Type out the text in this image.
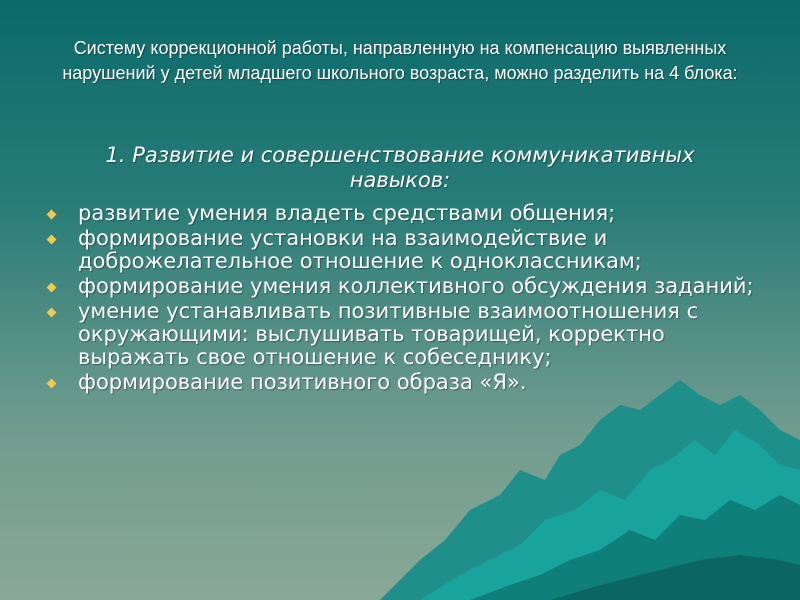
Систему коррекционной работы, направленную на компенсацию выявленных нарушений у детей младшего школьного возраста, можно разделить на 4 блока:
1. Развитие и совершенствование коммуникативных навыков:
развитие умения владеть средствами общения;
формирование установки на взаимодействие и доброжелательное отношение к одноклассникам;
формирование умения коллективного обсуждения заданий;
умение устанавливать позитивные взаимоотношения с окружающими: выслушивать товарищей, корректно выражать свое отношение к собеседнику;
формирование позитивного образа «Я».
